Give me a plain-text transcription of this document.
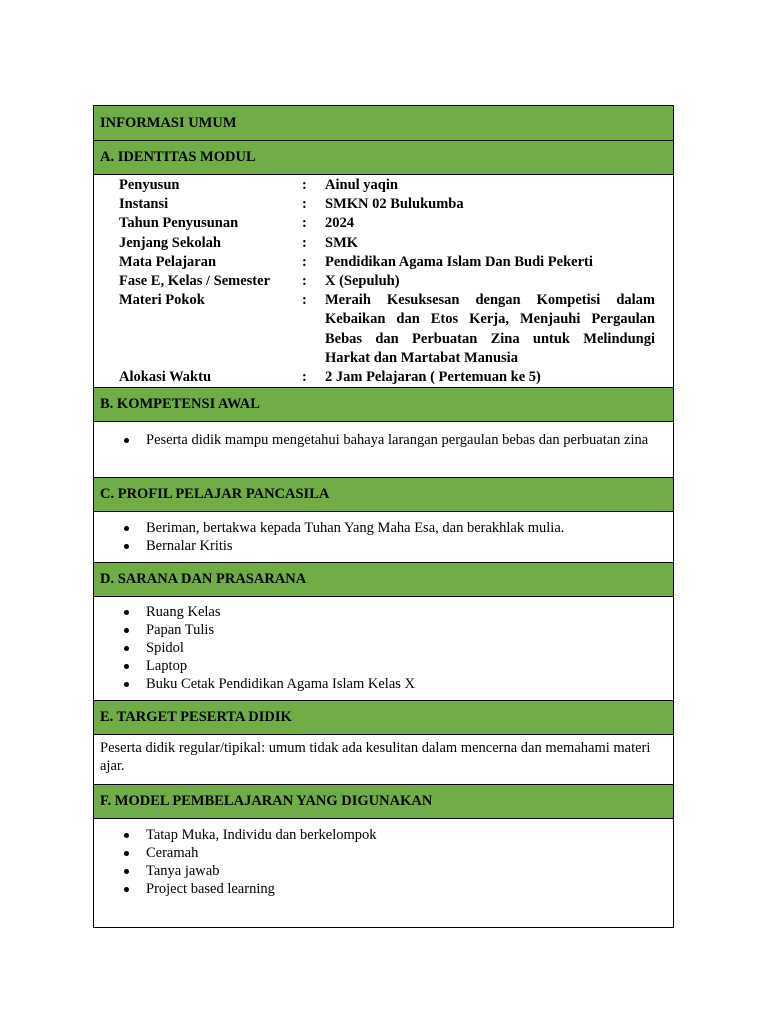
INFORMASI UMUM
A. IDENTITAS MODUL
Penyusun	:	Ainul yaqin
Instansi	:	SMKN 02 Bulukumba
Tahun Penyusunan	:	2024
Jenjang Sekolah	:	SMK
Mata Pelajaran	:	Pendidikan Agama Islam Dan Budi Pekerti
Fase E, Kelas / Semester	:	X (Sepuluh)
Materi Pokok	:	Meraih Kesuksesan dengan Kompetisi dalam Kebaikan dan Etos Kerja, Menjauhi Pergaulan Bebas dan Perbuatan Zina untuk Melindungi Harkat dan Martabat Manusia
Alokasi Waktu	:	2 Jam Pelajaran ( Pertemuan ke 5)
B. KOMPETENSI AWAL
Peserta didik mampu mengetahui bahaya larangan pergaulan bebas dan perbuatan zina
C. PROFIL PELAJAR PANCASILA
Beriman, bertakwa kepada Tuhan Yang Maha Esa, dan berakhlak mulia.
Bernalar Kritis
D. SARANA DAN PRASARANA
Ruang Kelas
Papan Tulis
Spidol
Laptop
Buku Cetak Pendidikan Agama Islam Kelas X
E. TARGET PESERTA DIDIK
Peserta didik regular/tipikal: umum tidak ada kesulitan dalam mencerna dan memahami materi ajar.
F. MODEL PEMBELAJARAN YANG DIGUNAKAN
Tatap Muka, Individu dan berkelompok
Ceramah
Tanya jawab
Project based learning
